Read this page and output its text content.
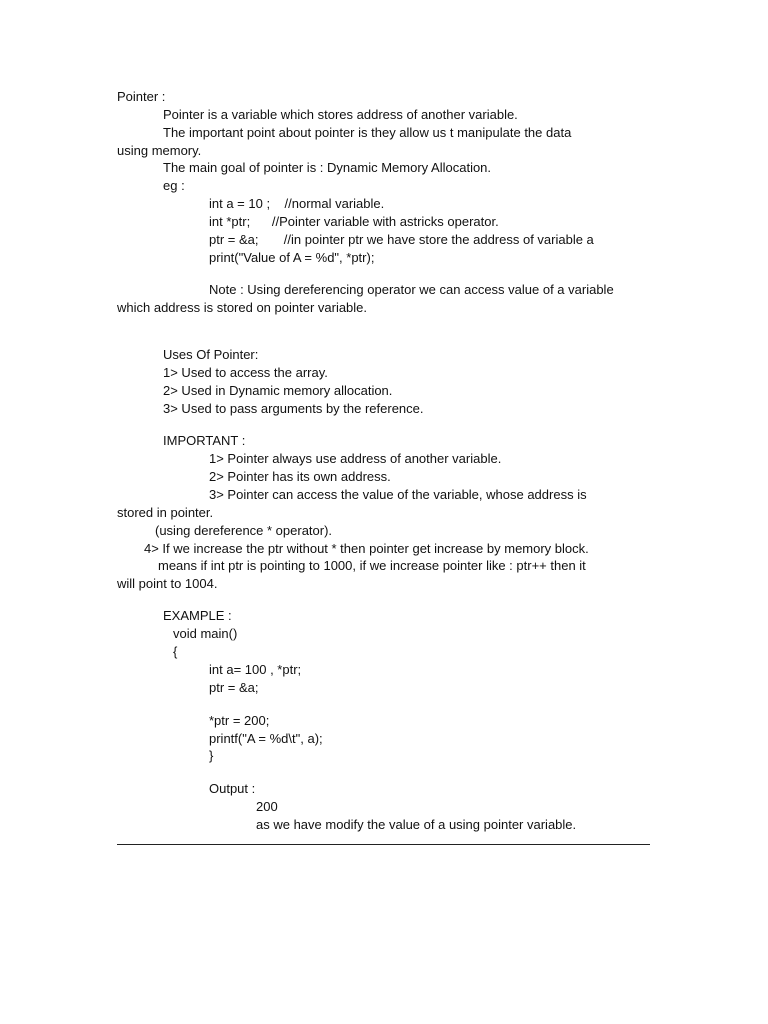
Pointer :
Pointer is a variable which stores address of another variable.
The important point about pointer is they allow us t manipulate the data
using memory.
The main goal of pointer is : Dynamic Memory Allocation.
eg :
int a = 10 ;    //normal variable.
int *ptr;      //Pointer variable with astricks operator.
ptr = &a;       //in pointer ptr we have store the address of variable a
print("Value of A = %d", *ptr);
Note : Using dereferencing operator we can access value of a variable
which address is stored on pointer variable.
Uses Of Pointer:
1> Used to access the array.
2> Used in Dynamic memory allocation.
3> Used to pass arguments by the reference.
IMPORTANT :
1> Pointer always use address of another variable.
2> Pointer has its own address.
3> Pointer can access the value of the variable, whose address is
stored in pointer.
(using dereference * operator).
4> If we increase the ptr without * then pointer get increase by memory block.
means if int ptr is pointing to 1000, if we increase pointer like : ptr++ then it
will point to 1004.
EXAMPLE :
void main()
{
int a= 100 , *ptr;
ptr = &a;
*ptr = 200;
printf("A = %d\t", a);
}
Output :
200
as we have modify the value of a using pointer variable.
